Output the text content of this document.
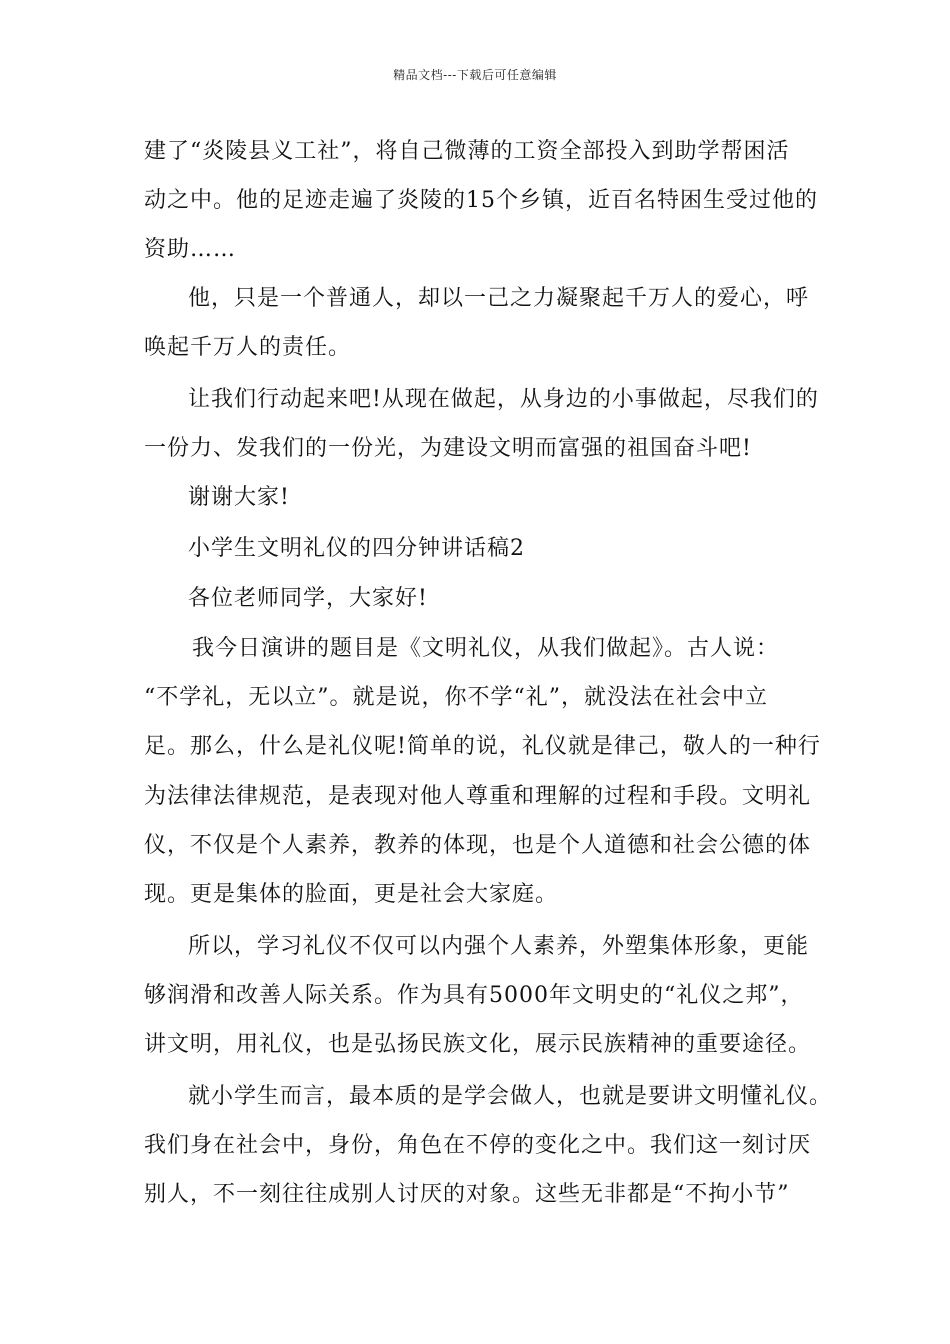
精品文档---下载后可任意编辑
建了“炎陵县义工社”，将自己微薄的工资全部投入到助学帮困活
动之中。他的足迹走遍了炎陵的15个乡镇，近百名特困生受过他的
资助……
他，只是一个普通人，却以一己之力凝聚起千万人的爱心，呼
唤起千万人的责任。
让我们行动起来吧!从现在做起，从身边的小事做起，尽我们的
一份力、发我们的一份光，为建设文明而富强的祖国奋斗吧!
谢谢大家!
小学生文明礼仪的四分钟讲话稿2
各位老师同学，大家好!
我今日演讲的题目是《文明礼仪，从我们做起》。古人说：
“不学礼，无以立”。就是说，你不学“礼”，就没法在社会中立
足。那么，什么是礼仪呢!简单的说，礼仪就是律己，敬人的一种行
为法律法律规范，是表现对他人尊重和理解的过程和手段。文明礼
仪，不仅是个人素养，教养的体现，也是个人道德和社会公德的体
现。更是集体的脸面，更是社会大家庭。
所以，学习礼仪不仅可以内强个人素养，外塑集体形象，更能
够润滑和改善人际关系。作为具有5000年文明史的“礼仪之邦”，
讲文明，用礼仪，也是弘扬民族文化，展示民族精神的重要途径。
就小学生而言，最本质的是学会做人，也就是要讲文明懂礼仪。
我们身在社会中，身份，角色在不停的变化之中。我们这一刻讨厌
别人，不一刻往往成别人讨厌的对象。这些无非都是“不拘小节”
